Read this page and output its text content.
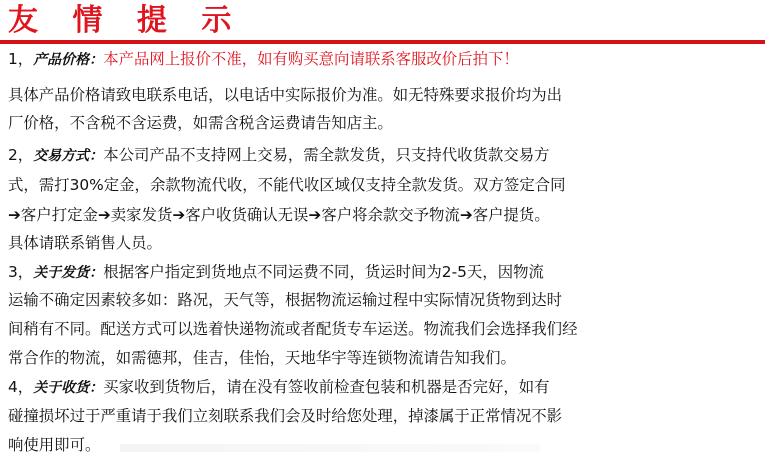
友 情 提 示
1，产品价格：本产品网上报价不准，如有购买意向请联系客服改价后拍下！
具体产品价格请致电联系电话，以电话中实际报价为准。如无特殊要求报价均为出
厂价格，不含税不含运费，如需含税含运费请告知店主。
2，交易方式：本公司产品不支持网上交易，需全款发货，只支持代收货款交易方
式，需打30%定金，余款物流代收，不能代收区域仅支持全款发货。双方签定合同
➔客户打定金➔卖家发货➔客户收货确认无误➔客户将余款交予物流➔客户提货。
具体请联系销售人员。
3，关于发货：根据客户指定到货地点不同运费不同，货运时间为2-5天，因物流
运输不确定因素较多如：路况，天气等，根据物流运输过程中实际情况货物到达时
间稍有不同。配送方式可以选着快递物流或者配货专车运送。物流我们会选择我们经
常合作的物流，如需德邦，佳吉，佳怡，天地华宇等连锁物流请告知我们。
4，关于收货：买家收到货物后，请在没有签收前检查包装和机器是否完好，如有
碰撞损坏过于严重请于我们立刻联系我们会及时给您处理，掉漆属于正常情况不影
响使用即可。
